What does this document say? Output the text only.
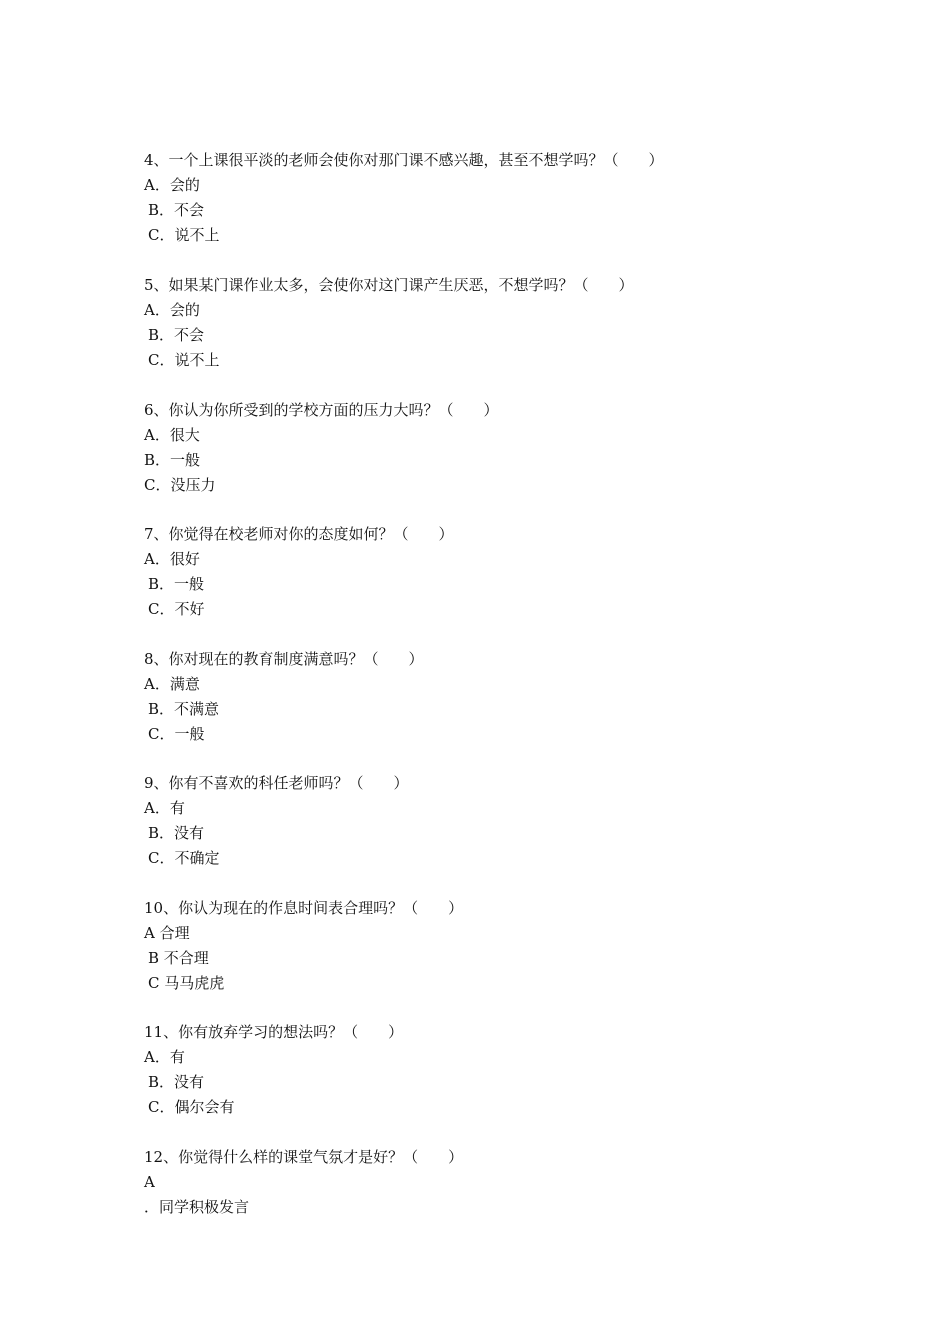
4、一个上课很平淡的老师会使你对那门课不感兴趣，甚至不想学吗？（　　）
A．会的
B．不会
C．说不上
5、如果某门课作业太多，会使你对这门课产生厌恶，不想学吗？（　　）
A．会的
B．不会
C．说不上
6、你认为你所受到的学校方面的压力大吗？（　　）
A．很大
B．一般
C．没压力
7、你觉得在校老师对你的态度如何？（　　）
A．很好
B．一般
C．不好
8、你对现在的教育制度满意吗？（　　）
A．满意
B．不满意
C．一般
9、你有不喜欢的科任老师吗？（　　）
A．有
B．没有
C．不确定
10、你认为现在的作息时间表合理吗？（　　）
A 合理
B 不合理
C 马马虎虎
11、你有放弃学习的想法吗？（　　）
A．有
B．没有
C．偶尔会有
12、你觉得什么样的课堂气氛才是好？（　　）
A
．同学积极发言
